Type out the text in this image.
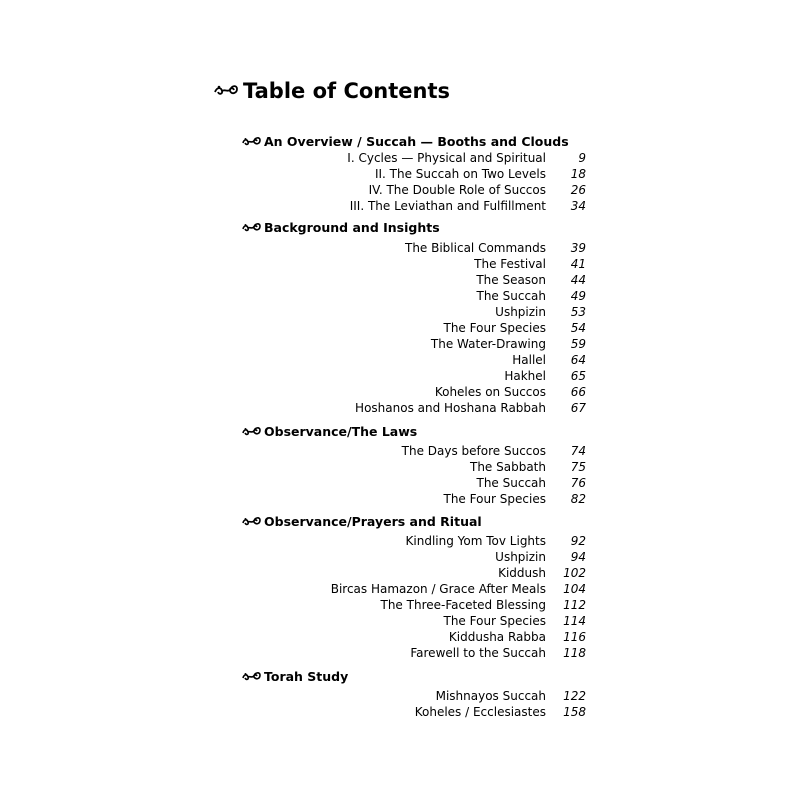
Table of Contents
An Overview / Succah — Booths and Clouds
I. Cycles — Physical and Spiritual	9
II. The Succah on Two Levels 18
IV. The Double Role of Succos 26
III. The Leviathan and Fulfillment 34
Background and Insights
The Biblical Commands 39
The Festival 41
The Season 44
The Succah 49
Ushpizin 53
The Four Species 54
The Water-Drawing 59
Hallel 64
Hakhel 65
Koheles on Succos 66
Hoshanos and Hoshana Rabbah 67
Observance/The Laws
The Days before Succos 74
The Sabbath 75
The Succah 76
The Four Species 82
Observance/Prayers and Ritual
Kindling Yom Tov Lights 92
Ushpizin 94
Kiddush 102
Bircas Hamazon / Grace After Meals 104
The Three-Faceted Blessing 112
The Four Species 114
Kiddusha Rabba 116
Farewell to the Succah 118
Torah Study
Mishnayos Succah 122
Koheles / Ecclesiastes 158
